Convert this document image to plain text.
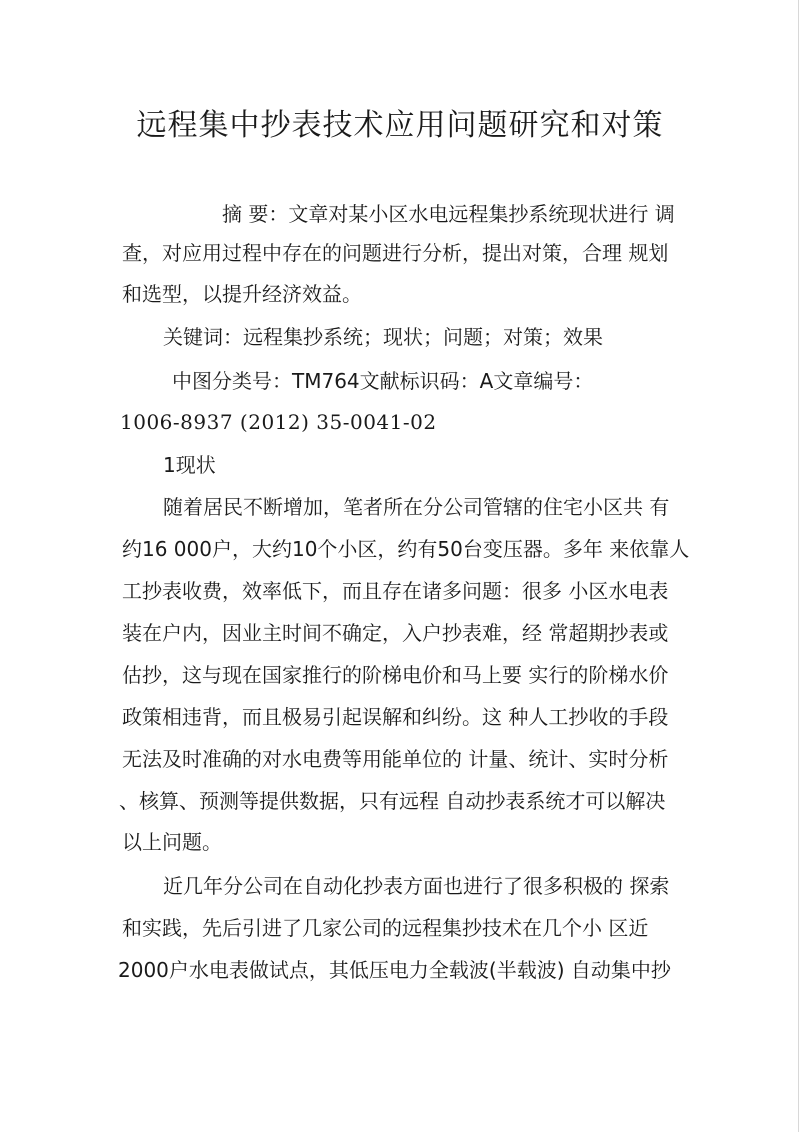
远程集中抄表技术应用问题研究和对策
摘 要：文章对某小区水电远程集抄系统现状进行 调
查，对应用过程中存在的问题进行分析，提出对策，合理 规划
和选型，以提升经济效益。
关键词：远程集抄系统；现状；问题；对策；效果
中图分类号：TM764文献标识码：A文章编号：
1006-8937 (2012) 35-0041-02
1现状
随着居民不断增加，笔者所在分公司管辖的住宅小区共 有
约16 000户，大约10个小区，约有50台变压器。多年 来依靠人
工抄表收费，效率低下，而且存在诸多问题：很多 小区水电表
装在户内，因业主时间不确定，入户抄表难，经 常超期抄表或
估抄，这与现在国家推行的阶梯电价和马上要 实行的阶梯水价
政策相违背，而且极易引起误解和纠纷。这 种人工抄收的手段
无法及时准确的对水电费等用能单位的 计量、统计、实时分析
、核算、预测等提供数据，只有远程 自动抄表系统才可以解决
以上问题。
近几年分公司在自动化抄表方面也进行了很多积极的 探索
和实践，先后引进了几家公司的远程集抄技术在几个小 区近
2000户水电表做试点，其低压电力全载波(半载波) 自动集中抄
